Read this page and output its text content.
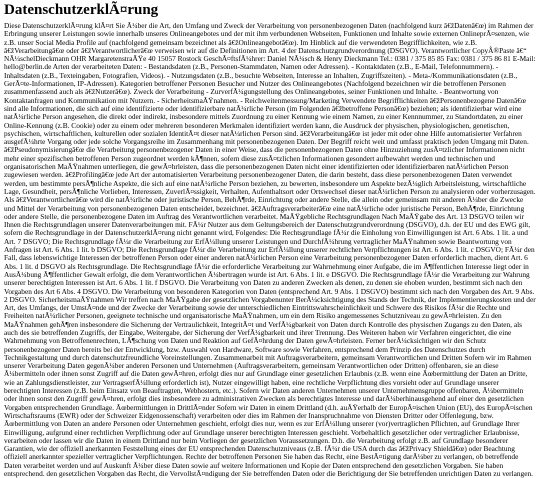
DatenschutzerklÃ¤rung

Diese DatenschutzerklÃ¤rung klÃ¤rt Sie Ã¼ber die Art, den Umfang und Zweck der Verarbeitung von personenbezogenen Daten (nachfolgend kurz â€žDatenâ€œ) im Rahmen der Erbringung unserer Leistungen sowie innerhalb unseres Onlineangebotes und der mit ihm verbundenen Webseiten, Funktionen und Inhalte sowie externen OnlineprÃ¤senzen, wie z.B. unser Social Media Profile auf (nachfolgend gemeinsam bezeichnet als â€žOnlineangebotâ€œ). Im Hinblick auf die verwendeten Begrifflichkeiten, wie z.B. â€žVerarbeitungâ€œ oder â€žVerantwortlicherâ€œ verweisen wir auf die Definitionen im Art. 4 der Datenschutzgrundverordnung (DSGVO). Verantwortlicher CopyÂ®Paste â€“ NÃ¼schelDieckmann OHR MargaretenstraÃŸe 40 15057 Rostock GeschÃ¤ftsfÃ¼hrer: Daniel NÃ¼sch & Henry Dieckmann Tel.: 0381 / 375 85 85 Fax: 0381 / 375 86 81 E-Mail: hello@berlin.de Arten der verarbeiteten Daten: - Bestandsdaten (z.B., Personen-Stammdaten, Namen oder Adressen). - Kontaktdaten (z.B., E-Mail, Telefonnummern). - Inhaltsdaten (z.B., Texteingaben, Fotografien, Videos). - Nutzungsdaten (z.B., besuchte Webseiten, Interesse an Inhalten, Zugriffszeiten). - Meta-/Kommunikationsdaten (z.B., GerÃ¤te-Informationen, IP-Adressen). Kategorien betroffener Personen Besucher und Nutzer des Onlineangebotes (Nachfolgend bezeichnen wir die betroffenen Personen zusammenfassend auch als â€žNutzerâ€œ). Zweck der Verarbeitung - ZurverfÃ¼gungstellung des Onlineangebotes, seiner Funktionen und Inhalte. - Beantwortung von Kontaktanfragen und Kommunikation mit Nutzern. - SicherheitsmaÃŸnahmen. - Reichweitenmessung/Marketing Verwendete Begrifflichkeiten â€žPersonenbezogene Datenâ€œ sind alle Informationen, die sich auf eine identifizierte oder identifizierbare natÃ¼rliche Person (im Folgenden â€žbetroffene Personâ€œ) beziehen; als identifizierbar wird eine natÃ¼rliche Person angesehen, die direkt oder indirekt, insbesondere mittels Zuordnung zu einer Kennung wie einem Namen, zu einer Kennnummer, zu Standortdaten, zu einer Online-Kennung (z.B. Cookie) oder zu einem oder mehreren besonderen Merkmalen identifiziert werden kann, die Ausdruck der physischen, physiologischen, genetischen, psychischen, wirtschaftlichen, kulturellen oder sozialen IdentitÃ¤t dieser natÃ¼rlichen Person sind. â€žVerarbeitungâ€œ ist jeder mit oder ohne Hilfe automatisierter Verfahren ausgefÃ¼hrte Vorgang oder jede solche Vorgangsreihe im Zusammenhang mit personenbezogenen Daten. Der Begriff reicht weit und umfasst praktisch jeden Umgang mit Daten. â€žPseudonymisierungâ€œ die Verarbeitung personenbezogener Daten in einer Weise, dass die personenbezogenen Daten ohne Hinzuziehung zusÃ¤tzlicher Informationen nicht mehr einer spezifischen betroffenen Person zugeordnet werden kÃ¶nnen, sofern diese zusÃ¤tzlichen Informationen gesondert aufbewahrt werden und technischen und organisatorischen MaÃŸnahmen unterliegen, die gewÃ¤hrleisten, dass die personenbezogenen Daten nicht einer identifizierten oder identifizierbaren natÃ¼rlichen Person zugewiesen werden. â€žProfilingâ€œ jede Art der automatisierten Verarbeitung personenbezogener Daten, die darin besteht, dass diese personenbezogenen Daten verwendet werden, um bestimmte persÃ¶nliche Aspekte, die sich auf eine natÃ¼rliche Person beziehen, zu bewerten, insbesondere um Aspekte bezÃ¼glich Arbeitsleistung, wirtschaftliche Lage, Gesundheit, persÃ¶nliche Vorlieben, Interessen, ZuverlÃ¤ssigkeit, Verhalten, Aufenthaltsort oder Ortswechsel dieser natÃ¼rlichen Person zu analysieren oder vorherzusagen. Als â€žVerantwortlicherâ€œ wird die natÃ¼rliche oder juristische Person, BehÃ¶rde, Einrichtung oder andere Stelle, die allein oder gemeinsam mit anderen Ã¼ber die Zwecke und Mittel der Verarbeitung von personenbezogenen Daten entscheidet, bezeichnet. â€žAuftragsverarbeiterâ€œ eine natÃ¼rliche oder juristische Person, BehÃ¶rde, Einrichtung oder andere Stelle, die personenbezogene Daten im Auftrag des Verantwortlichen verarbeitet. MaÃŸgebliche Rechtsgrundlagen Nach MaÃŸgabe des Art. 13 DSGVO teilen wir Ihnen die Rechtsgrundlagen unserer Datenverarbeitungen mit. FÃ¼r Nutzer aus dem Geltungsbereich der Datenschutzgrundverordnung (DSGVO), d.h. der EU und des EWG gilt, sofern die Rechtsgrundlage in der DatenschutzerklÃ¤rung nicht genannt wird, Folgendes: Die Rechtsgrundlage fÃ¼r die Einholung von Einwilligungen ist Art. 6 Abs. 1 lit. a und Art. 7 DSGVO; Die Rechtsgrundlage fÃ¼r die Verarbeitung zur ErfÃ¼llung unserer Leistungen und DurchfÃ¼hrung vertraglicher MaÃŸnahmen sowie Beantwortung von Anfragen ist Art. 6 Abs. 1 lit. b DSGVO; Die Rechtsgrundlage fÃ¼r die Verarbeitung zur ErfÃ¼llung unserer rechtlichen Verpflichtungen ist Art. 6 Abs. 1 lit. c DSGVO; FÃ¼r den Fall, dass lebenswichtige Interessen der betroffenen Person oder einer anderen natÃ¼rlichen Person eine Verarbeitung personenbezogener Daten erforderlich machen, dient Art. 6 Abs. 1 lit. d DSGVO als Rechtsgrundlage. Die Rechtsgrundlage fÃ¼r die erforderliche Verarbeitung zur Wahrnehmung einer Aufgabe, die im Ã¶ffentlichen Interesse liegt oder in AusÃ¼bung Ã¶ffentlicher Gewalt erfolgt, die dem Verantwortlichen Ã¼bertragen wurde ist Art. 6 Abs. 1 lit. e DSGVO. Die Rechtsgrundlage fÃ¼r die Verarbeitung zur Wahrung unserer berechtigten Interessen ist Art. 6 Abs. 1 lit. f DSGVO. Die Verarbeitung von Daten zu anderen Zwecken als denen, zu denen sie ehoben wurden, bestimmt sich nach den Vorgaben des Art 6 Abs. 4 DSGVO. Die Verarbeitung von besonderen Kategorien von Daten (entsprechend Art. 9 Abs. 1 DSGVO) bestimmt sich nach den Vorgaben des Art. 9 Abs. 2 DSGVO. SicherheitsmaÃŸnahmen Wir treffen nach MaÃŸgabe der gesetzlichen Vorgabenunter BerÃ¼cksichtigung des Stands der Technik, der Implementierungskosten und der Art, des Umfangs, der UmstÃ¤nde und der Zwecke der Verarbeitung sowie der unterschiedlichen Eintrittswahrscheinlichkeit und Schwere des Risikos fÃ¼r die Rechte und Freiheiten natÃ¼rlicher Personen, geeignete technische und organisatorische MaÃŸnahmen, um ein dem Risiko angemessenes Schutzniveau zu gewÃ¤hrleisten. Zu den MaÃŸnahmen gehÃ¶ren insbesondere die Sicherung der Vertraulichkeit, IntegritÃ¤t und VerfÃ¼gbarkeit von Daten durch Kontrolle des physischen Zugangs zu den Daten, als auch des sie betreffenden Zugriffs, der Eingabe, Weitergabe, der Sicherung der VerfÃ¼gbarkeit und ihrer Trennung. Des Weiteren haben wir Verfahren eingerichtet, die eine Wahrnehmung von Betroffenenrechten, LÃ¶schung von Daten und Reaktion auf GefÃ¤hrdung der Daten gewÃ¤hrleisten. Ferner berÃ¼cksichtigen wir den Schutz personenbezogener Daten bereits bei der Entwicklung, bzw. Auswahl von Hardware, Software sowie Verfahren, entsprechend dem Prinzip des Datenschutzes durch Technikgestaltung und durch datenschutzfreundliche Voreinstellungen. Zusammenarbeit mit Auftragsverarbeitern, gemeinsam Verantwortlichen und Dritten Sofern wir im Rahmen unserer Verarbeitung Daten gegenÃ¼ber anderen Personen und Unternehmen (Auftragsverarbeitern, gemeinsam Verantwortlichen oder Dritten) offenbaren, sie an diese Ã¼bermitteln oder ihnen sonst Zugriff auf die Daten gewÃ¤hren, erfolgt dies nur auf Grundlage einer gesetzlichen Erlaubnis (z.B. wenn eine Ãœbermittlung der Daten an Dritte, wie an Zahlungsdienstleister, zur VertragserfÃ¼llung erforderlich ist), Nutzer eingewilligt haben, eine rechtliche Verpflichtung dies vorsieht oder auf Grundlage unserer berechtigten Interessen (z.B. beim Einsatz von Beauftragten, Webhostern, etc.). Sofern wir Daten anderen Unternehmen unserer Unternehmensgruppe offenbaren, Ã¼bermitteln oder ihnen sonst den Zugriff gewÃ¤hren, erfolgt dies insbesondere zu administrativen Zwecken als berechtigtes Interesse und darÃ¼berhinausgehend auf einer den gesetzlichen Vorgaben entsprechenden Grundlage. Ãœbermittlungen in DrittlÃ¤nder Sofern wir Daten in einem Drittland (d.h. auÃŸerhalb der EuropÃ¤ischen Union (EU), des EuropÃ¤ischen Wirtschaftsraums (EWR) oder der Schweizer Eidgenossenschaft) verarbeiten oder dies im Rahmen der Inanspruchnahme von Diensten Dritter oder Offenlegung, bzw. Ãœbermittlung von Daten an andere Personen oder Unternehmen geschieht, erfolgt dies nur, wenn es zur ErfÃ¼llung unserer (vor)vertraglichen Pflichten, auf Grundlage Ihrer Einwilligung, aufgrund einer rechtlichen Verpflichtung oder auf Grundlage unserer berechtigten Interessen geschieht. Vorbehaltlich gesetzlicher oder vertraglicher Erlaubnisse, verarbeiten oder lassen wir die Daten in einem Drittland nur beim Vorliegen der gesetzlichen Voraussetzungen. D.h. die Verarbeitung erfolgt z.B. auf Grundlage besonderer Garantien, wie der offiziell anerkannten Feststellung eines der EU entsprechenden Datenschutzniveaus (z.B. fÃ¼r die USA durch das â€žPrivacy Shieldâ€œ) oder Beachtung offiziell anerkannter spezieller vertraglicher Verpflichtungen. Rechte der betroffenen Personen Sie haben das Recht, eine BestÃ¤tigung darÃ¼ber zu verlangen, ob betreffende Daten verarbeitet werden und auf Auskunft Ã¼ber diese Daten sowie auf weitere Informationen und Kopie der Daten entsprechend den gesetzlichen Vorgaben. Sie haben entsprechend. den gesetzlichen Vorgaben das Recht, die VervollstÃ¤ndigung der Sie betreffenden Daten oder die Berichtigung der Sie betreffenden unrichtigen Daten zu verlangen.
